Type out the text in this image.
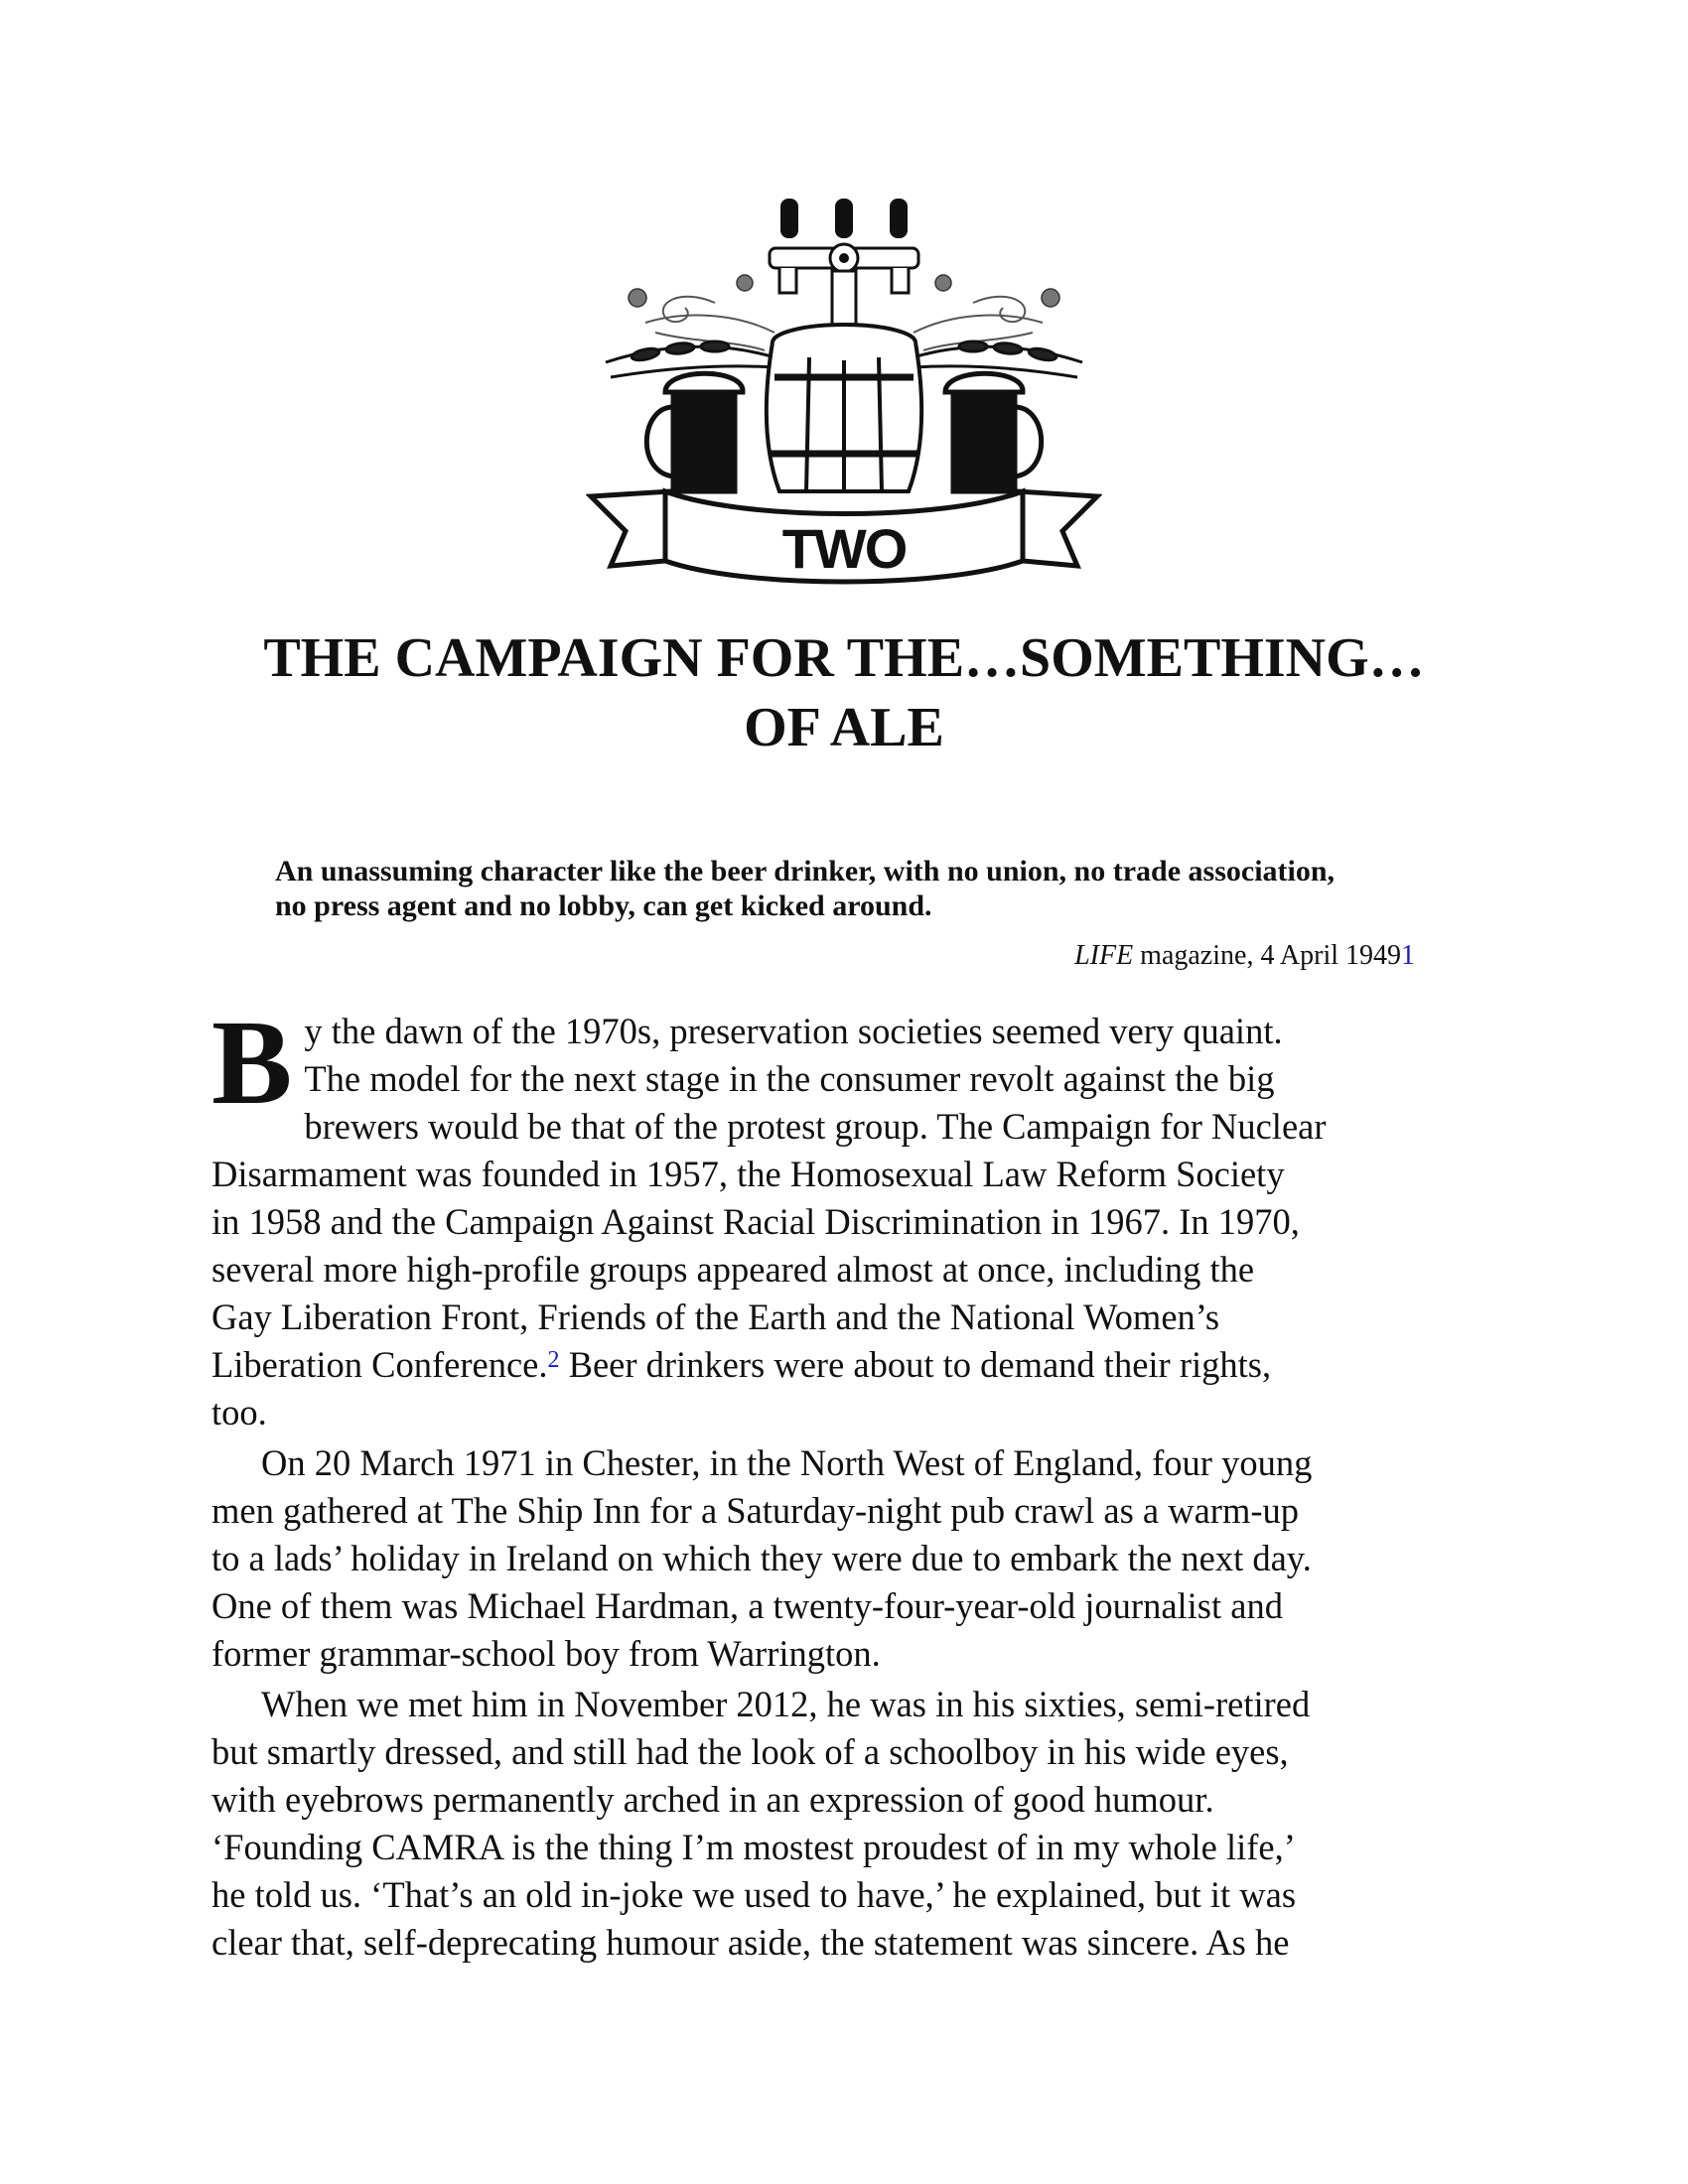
TWO
THE CAMPAIGN FOR THE…SOMETHING…
OF ALE
An unassuming character like the beer drinker, with no union, no trade association,
no press agent and no lobby, can get kicked around.
LIFE magazine, 4 April 19491

B y the dawn of the 1970s, preservation societies seemed very quaint.
The model for the next stage in the consumer revolt against the big
brewers would be that of the protest group. The Campaign for Nuclear
Disarmament was founded in 1957, the Homosexual Law Reform Society
in 1958 and the Campaign Against Racial Discrimination in 1967. In 1970,
several more high-profile groups appeared almost at once, including the
Gay Liberation Front, Friends of the Earth and the National Women’s
Liberation Conference.$^2$ Beer drinkers were about to demand their rights,
too.

On 20 March 1971 in Chester, in the North West of England, four young
men gathered at The Ship Inn for a Saturday-night pub crawl as a warm-up
to a lads’ holiday in Ireland on which they were due to embark the next day.
One of them was Michael Hardman, a twenty-four-year-old journalist and
former grammar-school boy from Warrington.

When we met him in November 2012, he was in his sixties, semi-retired
but smartly dressed, and still had the look of a schoolboy in his wide eyes,
with eyebrows permanently arched in an expression of good humour.
‘Founding CAMRA is the thing I’m mostest proudest of in my whole life,’
he told us. ‘That’s an old in-joke we used to have,’ he explained, but it was
clear that, self-deprecating humour aside, the statement was sincere. As he
